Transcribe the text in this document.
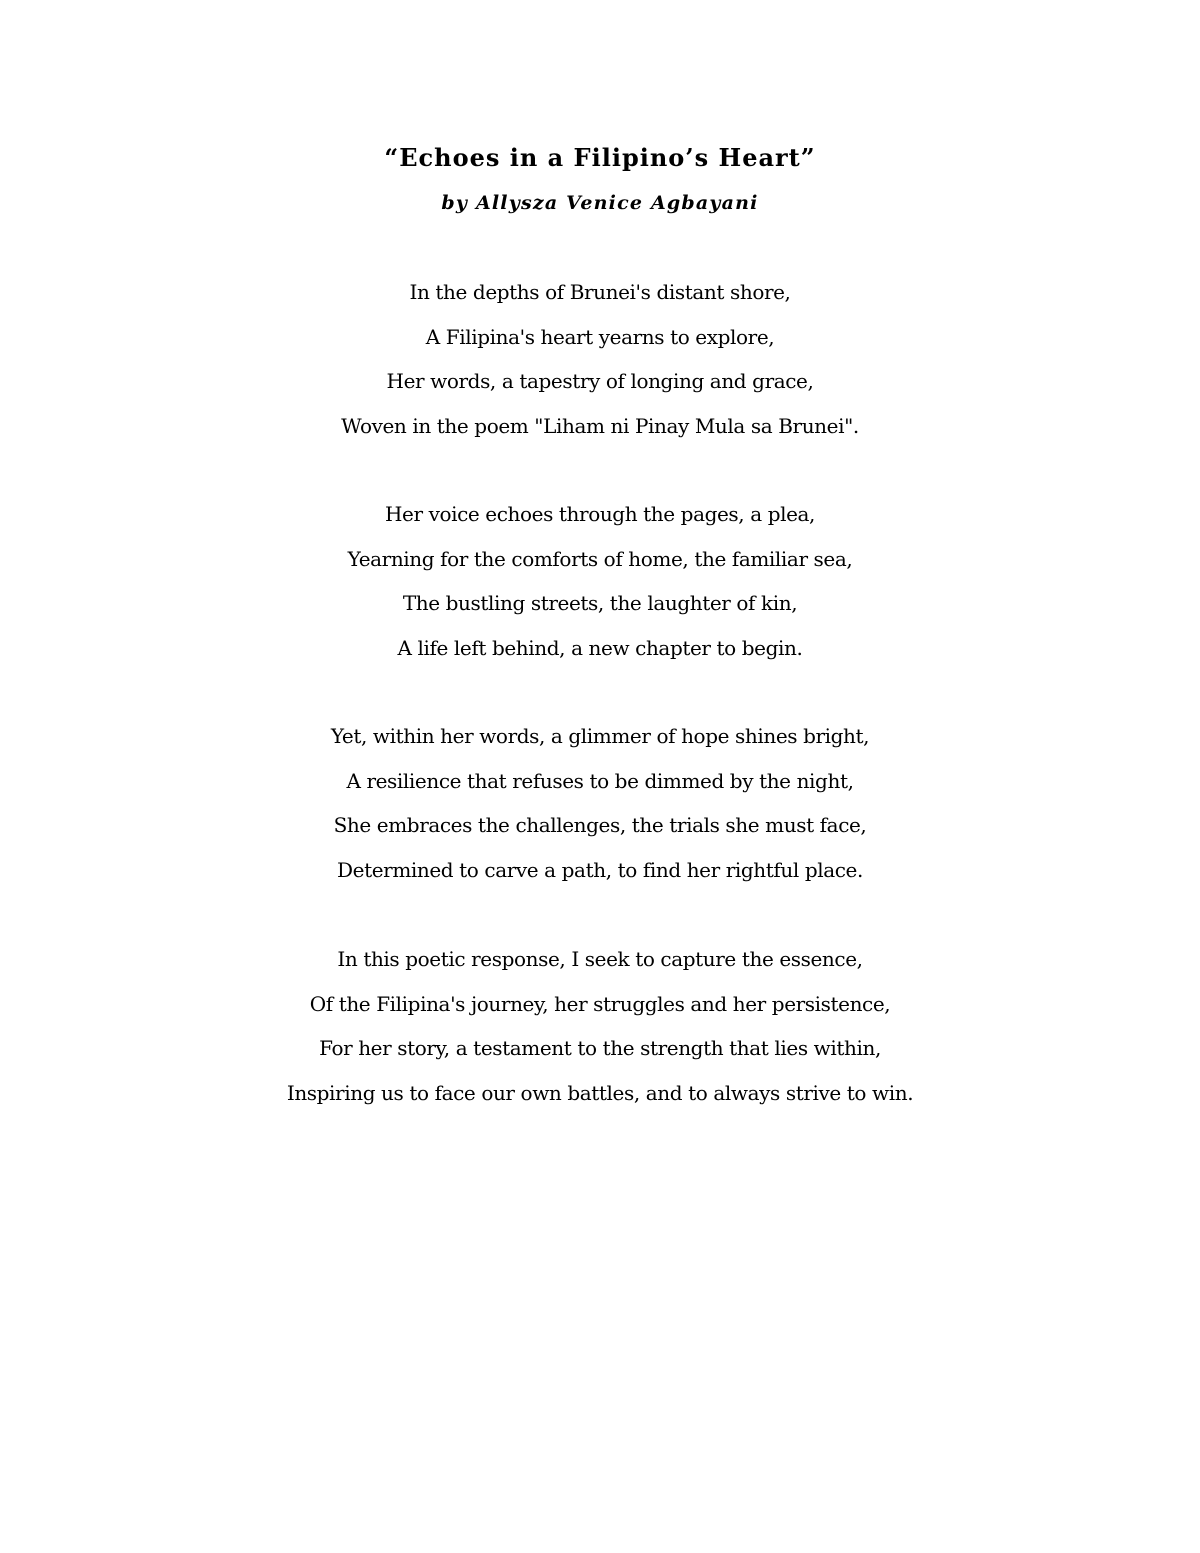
“Echoes in a Filipino’s Heart”

by Allysza Venice Agbayani

In the depths of Brunei's distant shore,
A Filipina's heart yearns to explore,
Her words, a tapestry of longing and grace,
Woven in the poem "Liham ni Pinay Mula sa Brunei".
Her voice echoes through the pages, a plea,
Yearning for the comforts of home, the familiar sea,
The bustling streets, the laughter of kin,
A life left behind, a new chapter to begin.
Yet, within her words, a glimmer of hope shines bright,
A resilience that refuses to be dimmed by the night,
She embraces the challenges, the trials she must face,
Determined to carve a path, to find her rightful place.
In this poetic response, I seek to capture the essence,
Of the Filipina's journey, her struggles and her persistence,
For her story, a testament to the strength that lies within,
Inspiring us to face our own battles, and to always strive to win.
